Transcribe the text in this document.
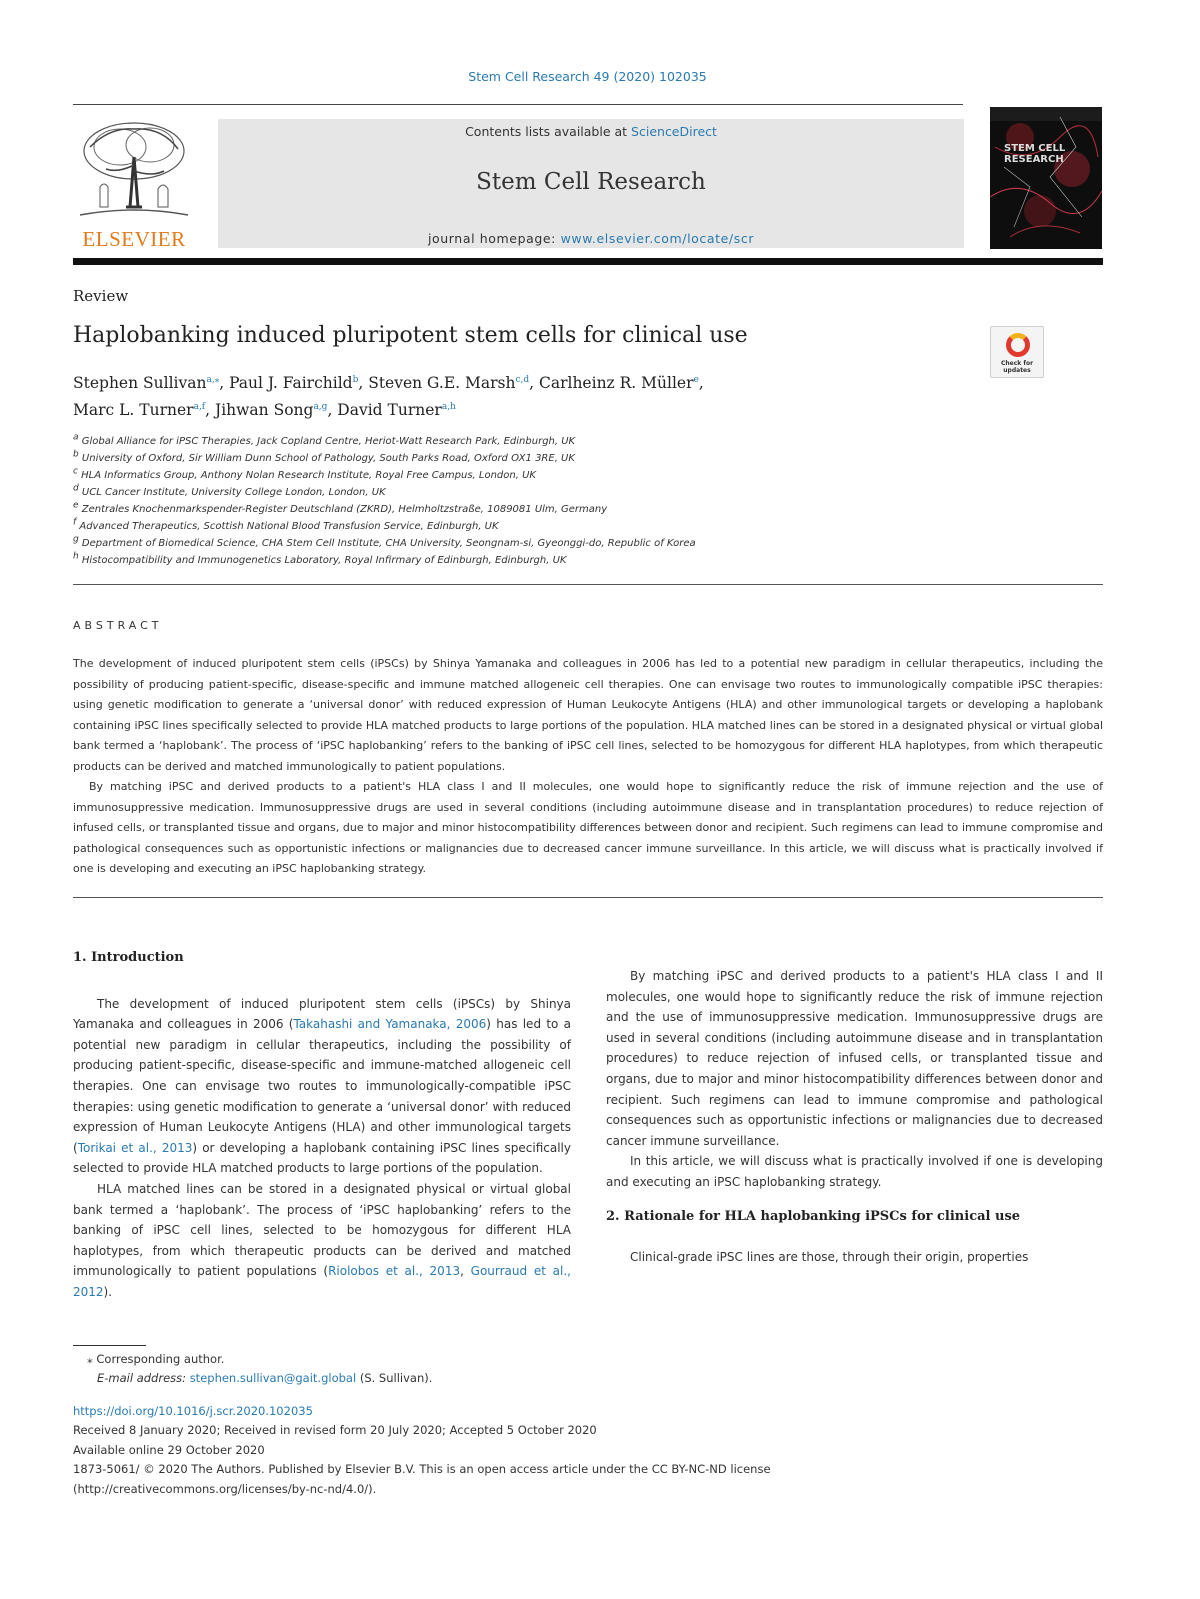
Stem Cell Research 49 (2020) 102035
ELSEVIER
Contents lists available at ScienceDirect
Stem Cell Research
journal homepage: www.elsevier.com/locate/scr
STEM CELL RESEARCH
Review
Haplobanking induced pluripotent stem cells for clinical use
Check for updates
Stephen Sullivan$^{a,⁎}$, Paul J. Fairchild$^b$, Steven G.E. Marsh$^{c,d}$, Carlheinz R. Müller$^e$,
Marc L. Turner$^{a,f}$, Jihwan Song$^{a,g}$, David Turner$^{a,h}$
$^a$ Global Alliance for iPSC Therapies, Jack Copland Centre, Heriot-Watt Research Park, Edinburgh, UK
$^b$ University of Oxford, Sir William Dunn School of Pathology, South Parks Road, Oxford OX1 3RE, UK
$^c$ HLA Informatics Group, Anthony Nolan Research Institute, Royal Free Campus, London, UK
$^d$ UCL Cancer Institute, University College London, London, UK
$^e$ Zentrales Knochenmarkspender-Register Deutschland (ZKRD), Helmholtzstraße, 1089081 Ulm, Germany
$^f$ Advanced Therapeutics, Scottish National Blood Transfusion Service, Edinburgh, UK
$^g$ Department of Biomedical Science, CHA Stem Cell Institute, CHA University, Seongnam-si, Gyeonggi-do, Republic of Korea
$^h$ Histocompatibility and Immunogenetics Laboratory, Royal Infirmary of Edinburgh, Edinburgh, UK
ABSTRACT

The development of induced pluripotent stem cells (iPSCs) by Shinya Yamanaka and colleagues in 2006 has led to a potential new paradigm in cellular therapeutics, including the possibility of producing patient-specific, disease-specific and immune matched allogeneic cell therapies. One can envisage two routes to immunologically compatible iPSC therapies: using genetic modification to generate a ‘universal donor’ with reduced expression of Human Leukocyte Antigens (HLA) and other immunological targets or developing a haplobank containing iPSC lines specifically selected to provide HLA matched products to large portions of the population. HLA matched lines can be stored in a designated physical or virtual global bank termed a ‘haplobank’. The process of ‘iPSC haplobanking’ refers to the banking of iPSC cell lines, selected to be homozygous for different HLA haplotypes, from which therapeutic products can be derived and matched immunologically to patient populations.

By matching iPSC and derived products to a patient's HLA class I and II molecules, one would hope to significantly reduce the risk of immune rejection and the use of immunosuppressive medication. Immunosuppressive drugs are used in several conditions (including autoimmune disease and in transplantation procedures) to reduce rejection of infused cells, or transplanted tissue and organs, due to major and minor histocompatibility differences between donor and recipient. Such regimens can lead to immune compromise and pathological consequences such as opportunistic infections or malignancies due to decreased cancer immune surveillance. In this article, we will discuss what is practically involved if one is developing and executing an iPSC haplobanking strategy.

1. Introduction

The development of induced pluripotent stem cells (iPSCs) by Shinya Yamanaka and colleagues in 2006 (Takahashi and Yamanaka, 2006) has led to a potential new paradigm in cellular therapeutics, including the possibility of producing patient-specific, disease-specific and immune-matched allogeneic cell therapies. One can envisage two routes to immunologically-compatible iPSC therapies: using genetic modification to generate a ‘universal donor’ with reduced expression of Human Leukocyte Antigens (HLA) and other immunological targets (Torikai et al., 2013) or developing a haplobank containing iPSC lines specifically selected to provide HLA matched products to large portions of the population.

HLA matched lines can be stored in a designated physical or virtual global bank termed a ‘haplobank’. The process of ‘iPSC haplobanking’ refers to the banking of iPSC cell lines, selected to be homozygous for different HLA haplotypes, from which therapeutic products can be derived and matched immunologically to patient populations (Riolobos et al., 2013, Gourraud et al., 2012).

By matching iPSC and derived products to a patient's HLA class I and II molecules, one would hope to significantly reduce the risk of immune rejection and the use of immunosuppressive medication. Immunosuppressive drugs are used in several conditions (including autoimmune disease and in transplantation procedures) to reduce rejection of infused cells, or transplanted tissue and organs, due to major and minor histocompatibility differences between donor and recipient. Such regimens can lead to immune compromise and pathological consequences such as opportunistic infections or malignancies due to decreased cancer immune surveillance.

In this article, we will discuss what is practically involved if one is developing and executing an iPSC haplobanking strategy.

2. Rationale for HLA haplobanking iPSCs for clinical use

Clinical-grade iPSC lines are those, through their origin, properties

⁎ Corresponding author.
E-mail address: stephen.sullivan@gait.global (S. Sullivan).
https://doi.org/10.1016/j.scr.2020.102035
Received 8 January 2020; Received in revised form 20 July 2020; Accepted 5 October 2020
Available online 29 October 2020
1873-5061/ © 2020 The Authors. Published by Elsevier B.V. This is an open access article under the CC BY-NC-ND license
(http://creativecommons.org/licenses/by-nc-nd/4.0/).
